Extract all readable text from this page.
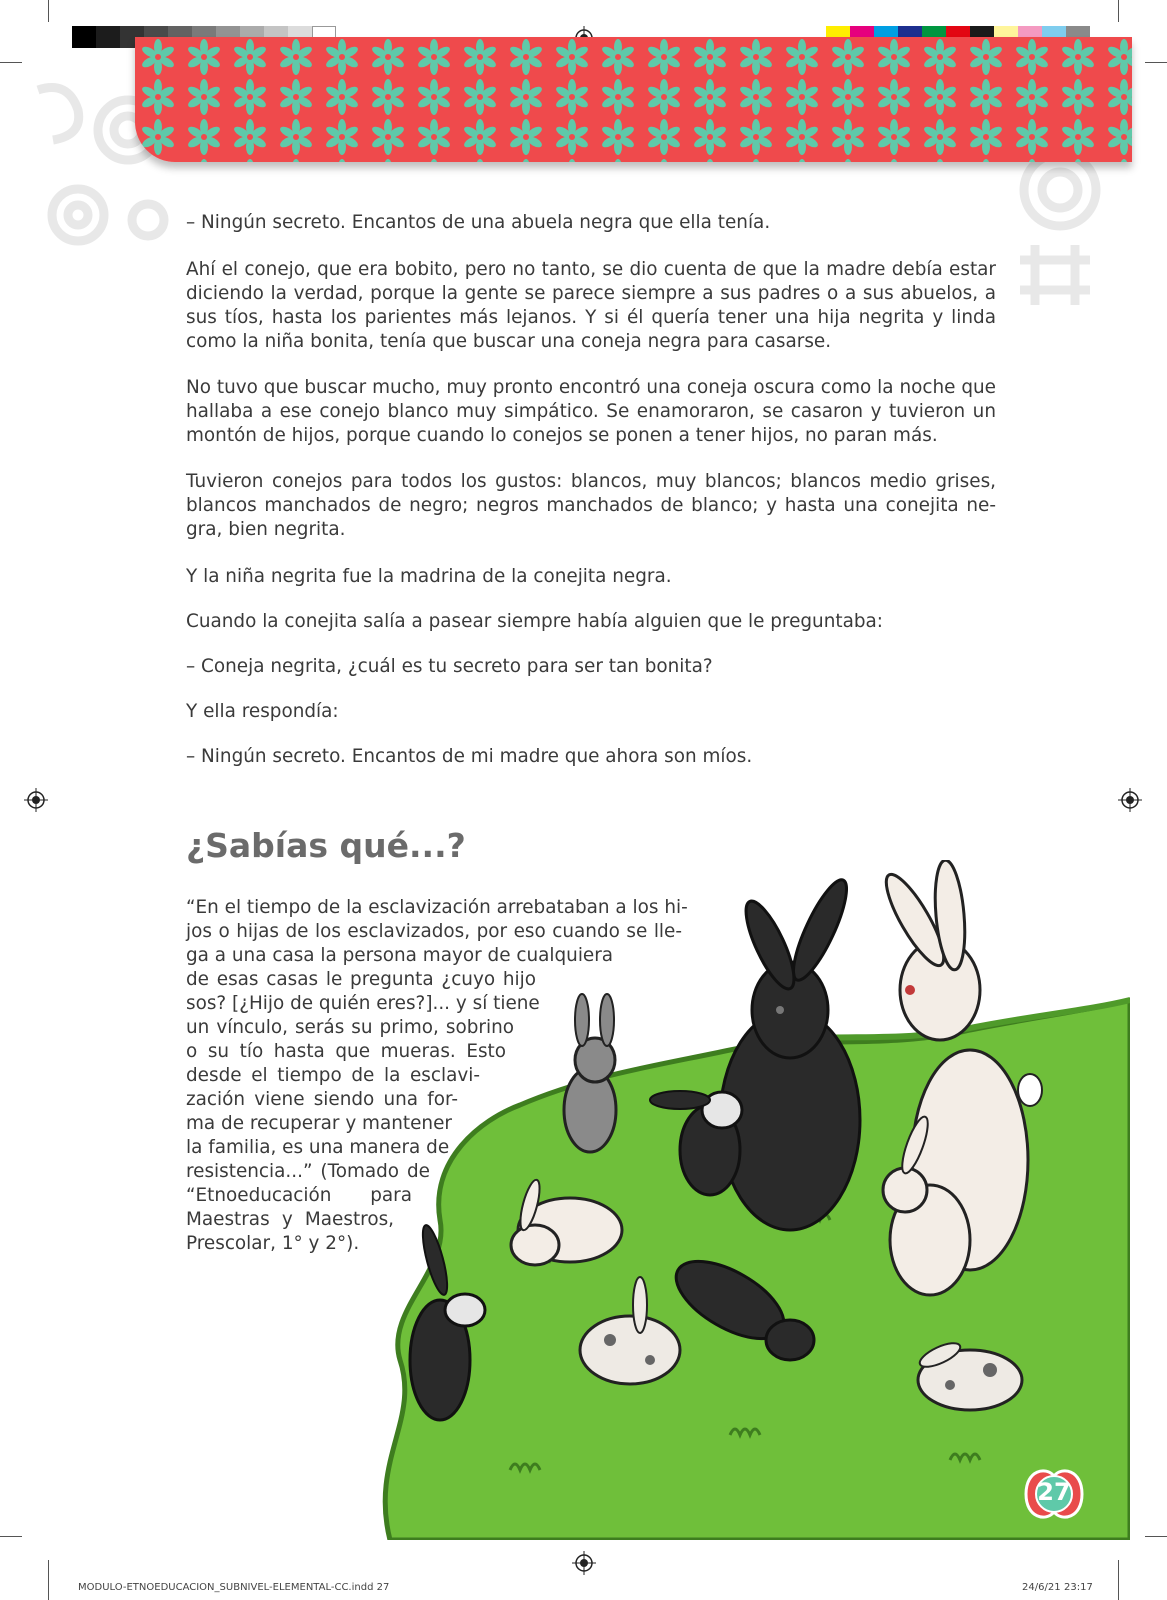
– Ningún secreto. Encantos de una abuela negra que ella tenía.

Ahí el conejo, que era bobito, pero no tanto, se dio cuenta de que la madre debía estar diciendo la verdad, porque la gente se parece siempre a sus padres o a sus abuelos, a sus tíos, hasta los parientes más lejanos. Y si él quería tener una hija negrita y linda como la niña bonita, tenía que buscar una coneja negra para casarse.

No tuvo que buscar mucho, muy pronto encontró una coneja oscura como la noche que hallaba a ese conejo blanco muy simpático. Se enamoraron, se casaron y tuvieron un montón de hijos, porque cuando lo conejos se ponen a tener hijos, no paran más.

Tuvieron conejos para todos los gustos: blancos, muy blancos; blancos medio grises, blancos manchados de negro; negros manchados de blanco; y hasta una conejita ne- gra, bien negrita.

Y la niña negrita fue la madrina de la conejita negra.

Cuando la conejita salía a pasear siempre había alguien que le preguntaba:

– Coneja negrita, ¿cuál es tu secreto para ser tan bonita?

Y ella respondía:

– Ningún secreto. Encantos de mi madre que ahora son míos.

¿Sabías qué...?

“En el tiempo de la esclavización arrebataban a los hi-
jos o hijas de los esclavizados, por eso cuando se lle-
ga a una casa la persona mayor de cualquiera
de esas casas le pregunta ¿cuyo hijo
sos? [¿Hijo de quién eres?]... y sí tiene
un vínculo, serás su primo, sobrino
o su tío hasta que mueras. Esto
desde el tiempo de la esclavi-
zación viene siendo una for-
ma de recuperar y mantener
la familia, es una manera de
resistencia...” (Tomado de
“Etnoeducación para
Maestras y Maestros,
Prescolar, 1° y 2°).

27
MODULO-ETNOEDUCACION_SUBNIVEL-ELEMENTAL-CC.indd 27	24/6/21 23:17
